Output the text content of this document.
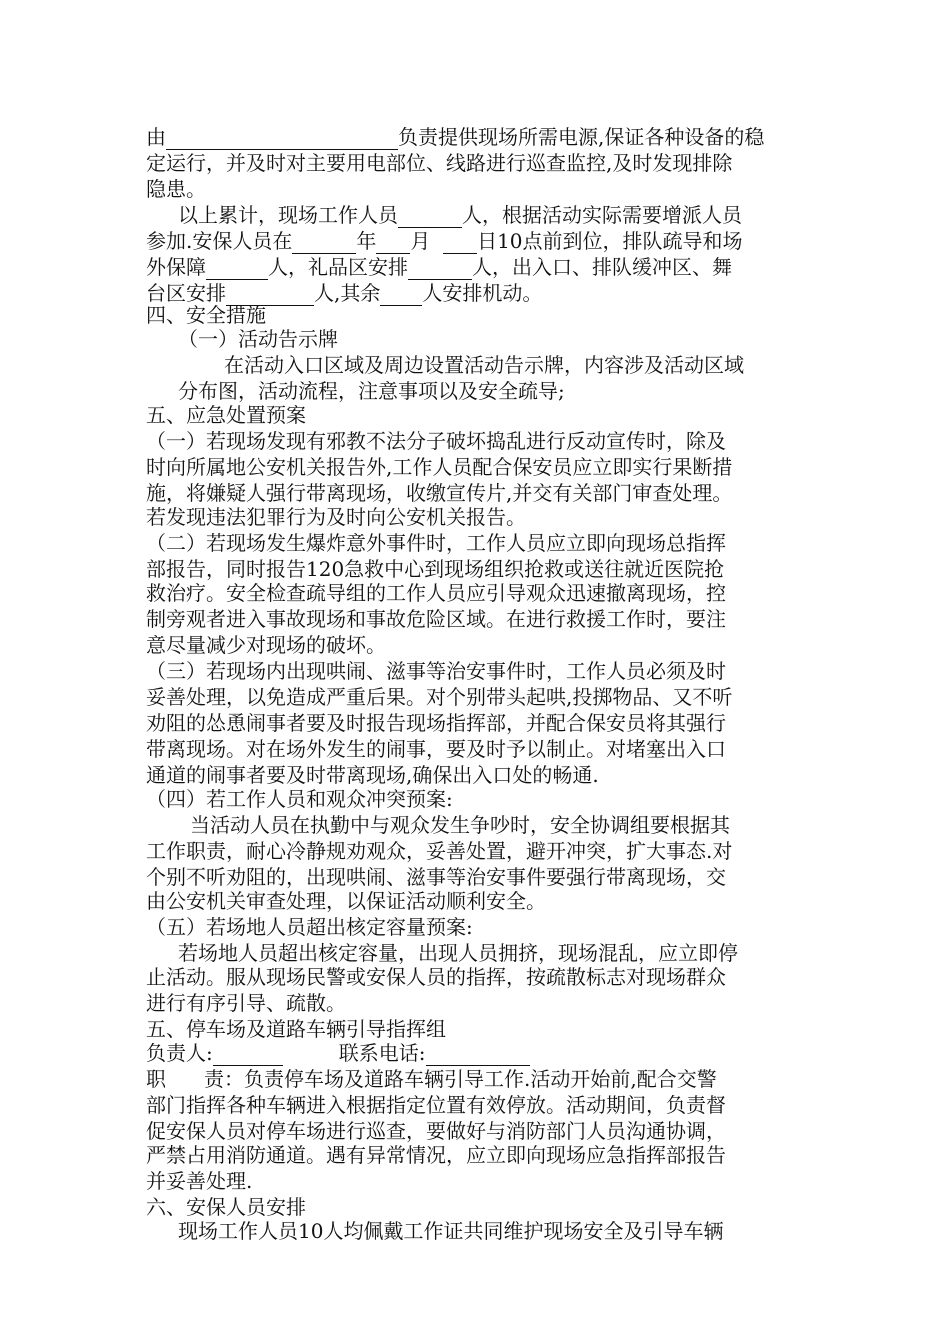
由	负责提供现场所需电源,保证各种设备的稳
定运行，并及时对主要用电部位、线路进行巡查监控,及时发现排除
隐患。
以上累计，现场工作人员	人，根据活动实际需要增派人员
参加.安保人员在	年 月 日10点前到位，排队疏导和场
外保障	人，礼品区安排	人，出入口、排队缓冲区、舞
台区安排	人,其余 人安排机动。
四、安全措施
（一）活动告示牌
在活动入口区域及周边设置活动告示牌，内容涉及活动区域
分布图，活动流程，注意事项以及安全疏导;
五、应急处置预案
（一）若现场发现有邪教不法分子破坏捣乱进行反动宣传时，除及
时向所属地公安机关报告外,工作人员配合保安员应立即实行果断措
施，将嫌疑人强行带离现场，收缴宣传片,并交有关部门审查处理。
若发现违法犯罪行为及时向公安机关报告。
（二）若现场发生爆炸意外事件时，工作人员应立即向现场总指挥
部报告，同时报告120急救中心到现场组织抢救或送往就近医院抢
救治疗。安全检查疏导组的工作人员应引导观众迅速撤离现场，控
制旁观者进入事故现场和事故危险区域。在进行救援工作时，要注
意尽量减少对现场的破坏。
（三）若现场内出现哄闹、滋事等治安事件时，工作人员必须及时
妥善处理，以免造成严重后果。对个别带头起哄,投掷物品、又不听
劝阻的怂恿闹事者要及时报告现场指挥部，并配合保安员将其强行
带离现场。对在场外发生的闹事，要及时予以制止。对堵塞出入口
通道的闹事者要及时带离现场,确保出入口处的畅通.
（四）若工作人员和观众冲突预案:
当活动人员在执勤中与观众发生争吵时，安全协调组要根据其
工作职责，耐心冷静规劝观众，妥善处置，避开冲突，扩大事态.对
个别不听劝阻的，出现哄闹、滋事等治安事件要强行带离现场，交
由公安机关审查处理，以保证活动顺利安全。
（五）若场地人员超出核定容量预案:
若场地人员超出核定容量，出现人员拥挤，现场混乱，应立即停
止活动。服从现场民警或安保人员的指挥，按疏散标志对现场群众
进行有序引导、疏散。
五、停车场及道路车辆引导指挥组
负责人:	联系电话:
职 责：负责停车场及道路车辆引导工作.活动开始前,配合交警
部门指挥各种车辆进入根据指定位置有效停放。活动期间，负责督
促安保人员对停车场进行巡查，要做好与消防部门人员沟通协调，
严禁占用消防通道。遇有异常情况，应立即向现场应急指挥部报告
并妥善处理.
六、安保人员安排
现场工作人员10人均佩戴工作证共同维护现场安全及引导车辆
